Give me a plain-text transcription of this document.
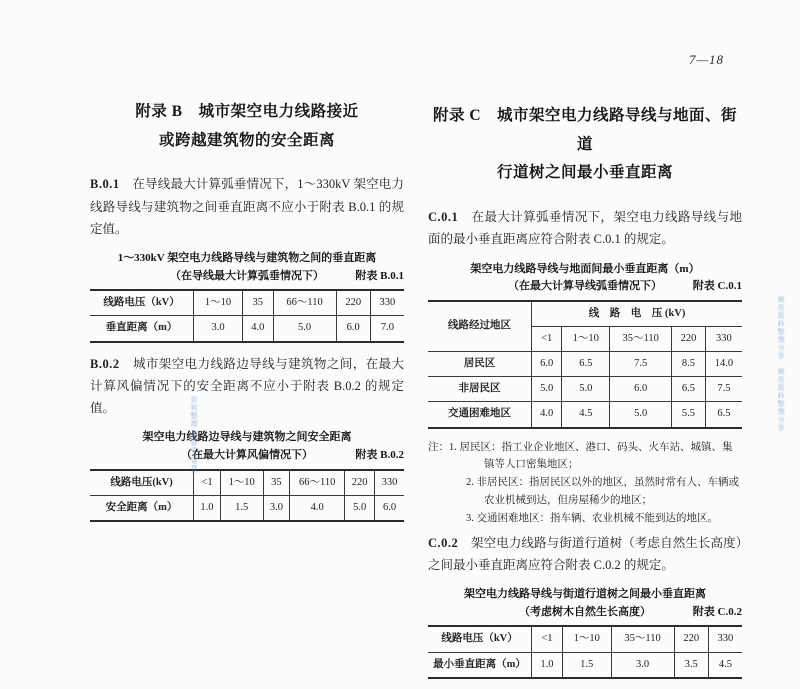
7—18
附录 B　城市架空电力线路接近
或跨越建筑物的安全距离

B.0.1　 在导线最大计算弧垂情况下，1～330kV 架空电力线路导线与建筑物之间垂直距离不应小于附表 B.0.1 的规定值。

1～330kV 架空电力线路导线与建筑物之间的垂直距离
（在导线最大计算弧垂情况下）	附表 B.0.1
线路电压（kV）	1～10	35	66～110	220	330
垂直距离（m）	3.0	4.0	5.0	6.0	7.0

B.0.2　 城市架空电力线路边导线与建筑物之间，在最大计算风偏情况下的安全距离不应小于附表 B.0.2 的规定值。

架空电力线路边导线与建筑物之间安全距离
（在最大计算风偏情况下）	附表 B.0.2
线路电压(kV)	<1	1～10	35	66～110	220	330
安全距离（m）	1.0	1.5	3.0	4.0	5.0	6.0
附录 C　城市架空电力线路导线与地面、街道
行道树之间最小垂直距离

C.0.1　 在最大计算弧垂情况下，架空电力线路导线与地面的最小垂直距离应符合附表 C.0.1 的规定。

架空电力线路导线与地面间最小垂直距离（m）
（在最大计算导线弧垂情况下）	附表 C.0.1
线路经过地区	线　路　电　压 (kV)				
	<1	1～10	35～110	220	330
居民区	6.0	6.5	7.5	8.5	14.0
非居民区	5.0	5.0	6.0	6.5	7.5
交通困难地区	4.0	4.5	5.0	5.5	6.5
注：1. 居民区：指工业企业地区、港口、码头、火车站、城镇、集镇等人口密集地区；
2. 非居民区：指居民区以外的地区，虽然时常有人、车辆或农业机械到达，但房屋稀少的地区；
3. 交通困难地区：指车辆、农业机械不能到达的地区。

C.0.2　 架空电力线路与街道行道树（考虑自然生长高度）之间最小垂直距离应符合附表 C.0.2 的规定。

架空电力线路导线与街道行道树之间最小垂直距离
（考虑树木自然生长高度）	附表 C.0.2
线路电压（kV）	<1	1～10	35～110	220	330
最小垂直距离（m）	1.0	1.5	3.0	3.5	4.5
资料整理 https://bbs
规范资料整理分享　规范资料整理分享
